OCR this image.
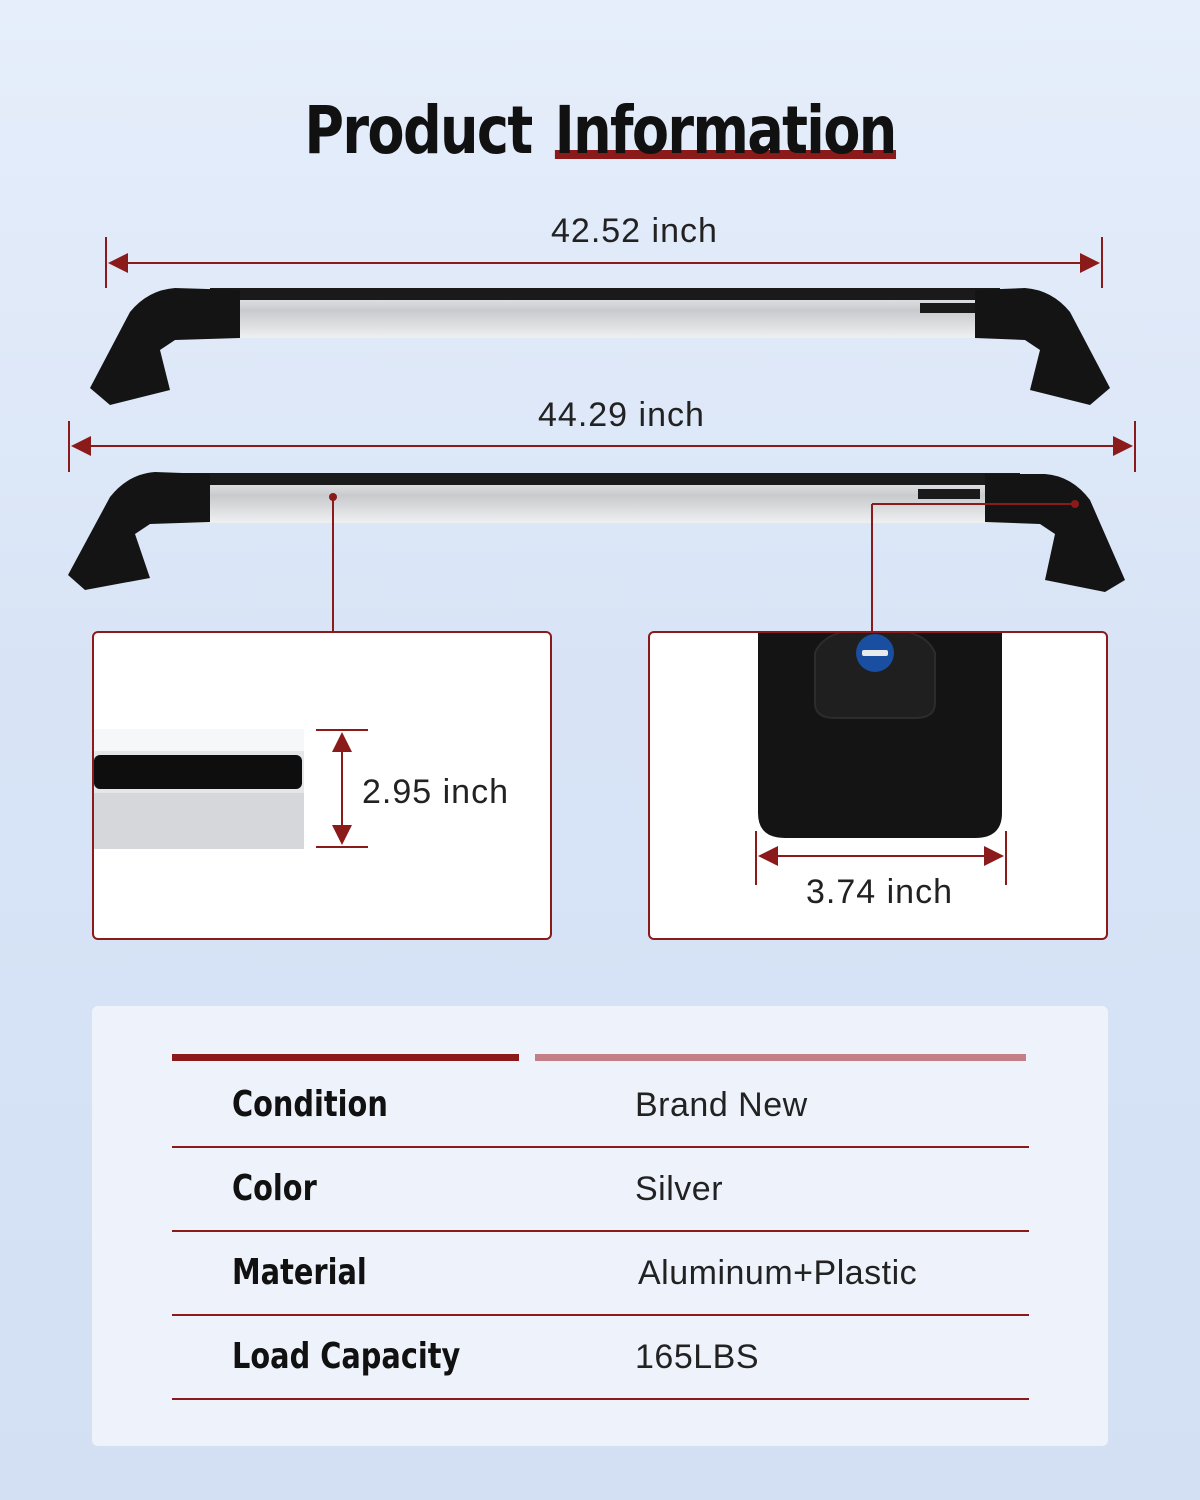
Product Information
42.52 inch
44.29 inch
2.95 inch
3.74 inch
Condition	Brand New
Color	Silver
Material	Aluminum+Plastic
Load Capacity	165LBS
